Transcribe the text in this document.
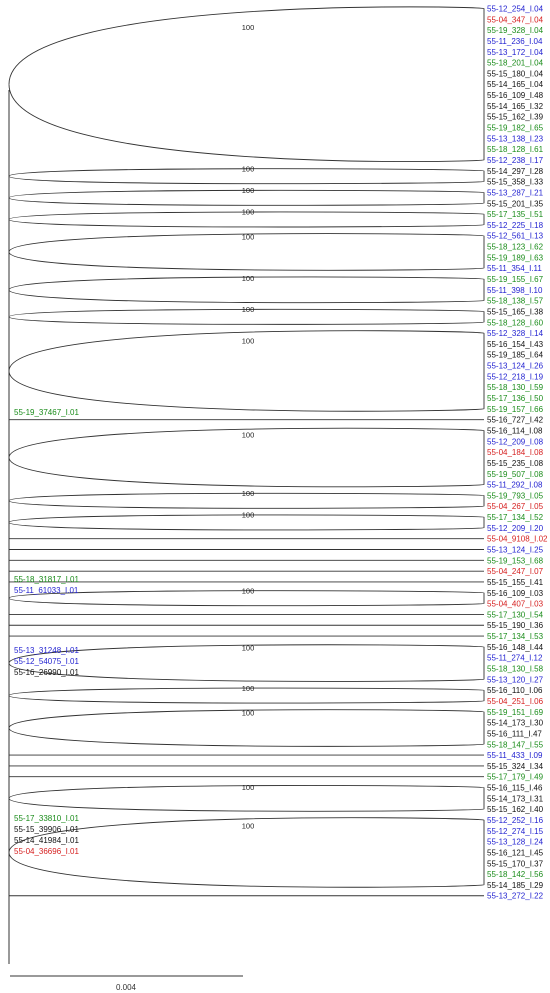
100
100
100
100
100
100
100
100
100
100
100
100
100
100
100
100
100
55-12_254_I.04
55-04_347_I.04
55-19_328_I.04
55-11_236_I.04
55-13_172_I.04
55-18_201_I.04
55-15_180_I.04
55-14_165_I.04
55-16_109_I.48
55-14_165_I.32
55-15_162_I.39
55-19_182_I.65
55-13_138_I.23
55-18_128_I.61
55-12_238_I.17
55-14_297_I.28
55-15_358_I.33
55-13_287_I.21
55-15_201_I.35
55-17_135_I.51
55-12_225_I.18
55-12_561_I.13
55-18_123_I.62
55-19_189_I.63
55-11_354_I.11
55-19_155_I.67
55-11_398_I.10
55-18_138_I.57
55-15_165_I.38
55-18_128_I.60
55-12_328_I.14
55-16_154_I.43
55-19_185_I.64
55-13_124_I.26
55-12_218_I.19
55-18_130_I.59
55-17_136_I.50
55-19_157_I.66
55-16_727_I.42
55-16_114_I.08
55-12_209_I.08
55-04_184_I.08
55-15_235_I.08
55-19_507_I.08
55-11_292_I.08
55-19_793_I.05
55-04_267_I.05
55-17_134_I.52
55-12_209_I.20
55-04_9108_I.02
55-13_124_I.25
55-19_153_I.68
55-04_247_I.07
55-15_155_I.41
55-16_109_I.03
55-04_407_I.03
55-17_130_I.54
55-15_190_I.36
55-17_134_I.53
55-16_148_I.44
55-11_274_I.12
55-18_130_I.58
55-13_120_I.27
55-16_110_I.06
55-04_251_I.06
55-19_151_I.69
55-14_173_I.30
55-16_111_I.47
55-18_147_I.55
55-11_433_I.09
55-15_324_I.34
55-17_179_I.49
55-16_115_I.46
55-14_173_I.31
55-15_162_I.40
55-12_252_I.16
55-12_274_I.15
55-13_128_I.24
55-16_121_I.45
55-15_170_I.37
55-18_142_I.56
55-14_185_I.29
55-13_272_I.22
55-19_37467_I.01
55-18_31817_I.01
55-11_61033_I.01
55-13_31248_I.01
55-12_54075_I.01
55-16_26990_I.01
55-17_33810_I.01
55-15_39906_I.01
55-14_41984_I.01
55-04_36696_I.01
0.004
